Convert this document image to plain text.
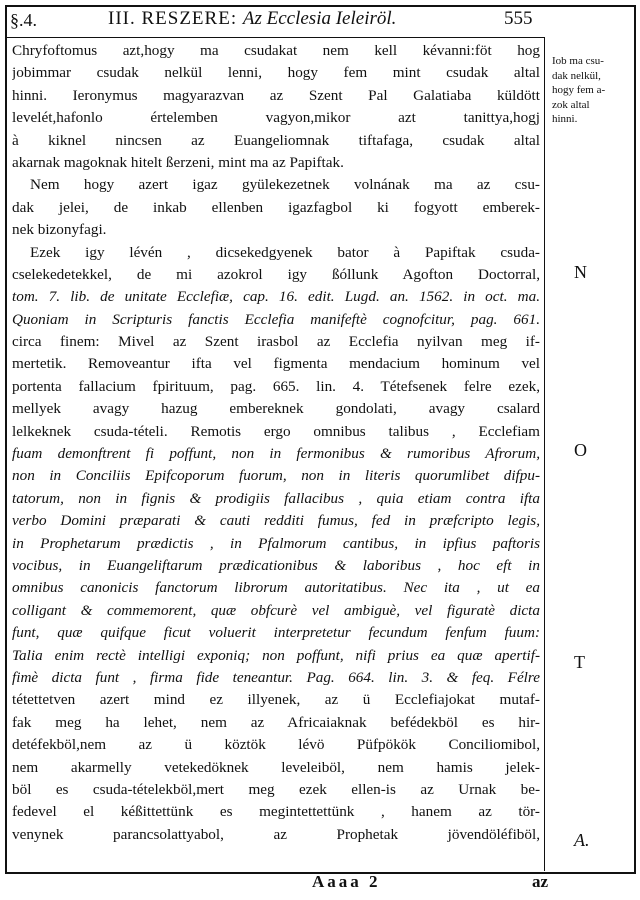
§.4.	III. RESZERE: Az Ecclesia Ieleiröl.	555
Chryfoftomus azt,hogy ma csudakat nem kell kévanni:föt hog
jobimmar csudak nelkül lenni, hogy fem mint csudak altal
hinni. Ieronymus magyarazvan az Szent Pal Galatiaba küldött
levelét,hafonlo értelemben vagyon,mikor azt tanittya,hogj
à kiknel nincsen az Euangeliomnak tiftafaga, csudak altal
akarnak magoknak hitelt ßerzeni, mint ma az Papiftak.
Nem hogy azert igaz gyülekezetnek volnának ma az csu-
dak jelei, de inkab ellenben igazfagbol ki fogyott emberek-
nek bizonyfagi.
Ezek igy lévén , dicsekedgyenek bator à Papiftak csuda-
cselekedetekkel, de mi azokrol igy ßóllunk Agofton Doctorral,
tom. 7. lib. de unitate Ecclefiæ, cap. 16. edit. Lugd. an. 1562. in oct. ma.
Quoniam in Scripturis fanctis Ecclefia manifeftè cognofcitur, pag. 661.
circa finem: Mivel az Szent irasbol az Ecclefia nyilvan meg if-
mertetik. Removeantur ifta vel figmenta mendacium hominum vel
portenta fallacium fpirituum, pag. 665. lin. 4. Tétefsenek felre ezek,
mellyek avagy hazug embereknek gondolati, avagy csalard
lelkeknek csuda-tételi. Remotis ergo omnibus talibus , Ecclefiam
fuam demonftrent fi poffunt, non in fermonibus & rumoribus Afrorum,
non in Conciliis Epifcoporum fuorum, non in literis quorumlibet difpu-
tatorum, non in fignis & prodigiis fallacibus , quia etiam contra ifta
verbo Domini præparati & cauti redditi fumus, fed in præfcripto legis,
in Prophetarum prædictis , in Pfalmorum cantibus, in ipfius paftoris
vocibus, in Euangeliftarum prædicationibus & laboribus , hoc eft in
omnibus canonicis fanctorum librorum autoritatibus. Nec ita , ut ea
colligant & commemorent, quæ obfcurè vel ambiguè, vel figuratè dicta
funt, quæ quifque ficut voluerit interpretetur fecundum fenfum fuum:
Talia enim rectè intelligi exponiq; non poffunt, nifi prius ea quæ apertif-
fimè dicta funt , firma fide teneantur. Pag. 664. lin. 3. & feq. Félre
tétettetven azert mind ez illyenek, az ü Ecclefiajokat mutaf-
fak meg ha lehet, nem az Africaiaknak befédekböl es hir-
detéfekböl,nem az ü köztök lévö Püfpökök Conciliomibol,
nem akarmelly vetekedöknek leveleiböl, nem hamis jelek-
böl es csuda-tételekböl,mert meg ezek ellen-is az Urnak be-
fedevel el kéßittettünk es megintettettünk , hanem az tör-
venynek parancsolattyabol, az Prophetak jövendöléfiböl,
Iob ma csu-
dak nelkül,
hogy fem a-
zok altal
hinni.
N
O
T
A.
Aaaa 2	az
